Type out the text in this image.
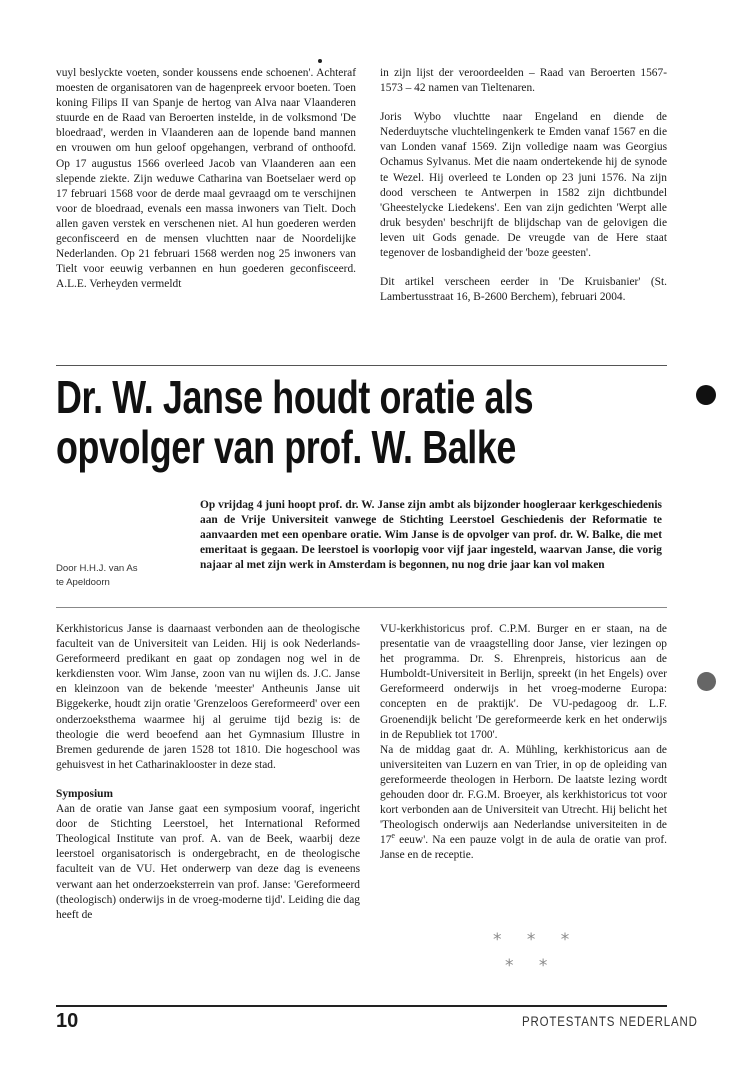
vuyl beslyckte voeten, sonder koussens ende schoenen'. Achteraf moesten de organisatoren van de hagenpreek ervoor boeten. Toen koning Filips II van Spanje de hertog van Alva naar Vlaanderen stuurde en de Raad van Beroerten instelde, in de volksmond 'De bloedraad', werden in Vlaanderen aan de lopende band mannen en vrouwen om hun geloof opgehangen, verbrand of onthoofd. Op 17 augustus 1566 overleed Jacob van Vlaanderen aan een slepende ziekte. Zijn weduwe Catharina van Boetselaer werd op 17 februari 1568 voor de derde maal gevraagd om te verschijnen voor de bloedraad, evenals een massa inwoners van Tielt. Doch allen gaven verstek en verschenen niet. Al hun goederen werden geconfisceerd en de mensen vluchtten naar de Noordelijke Nederlanden. Op 21 februari 1568 werden nog 25 inwoners van Tielt voor eeuwig verbannen en hun goederen geconfisceerd. A.L.E. Verheyden vermeldt

in zijn lijst der veroordeelden – Raad van Beroerten 1567-1573 – 42 namen van Tieltenaren.

Joris Wybo vluchtte naar Engeland en diende de Nederduytsche vluchtelingenkerk te Emden vanaf 1567 en die van Londen vanaf 1569. Zijn volledige naam was Georgius Ochamus Sylvanus. Met die naam ondertekende hij de synode te Wezel. Hij overleed te Londen op 23 juni 1576. Na zijn dood verscheen te Antwerpen in 1582 zijn dichtbundel 'Gheestelycke Liedekens'. Een van zijn gedichten 'Werpt alle druk besyden' beschrijft de blijdschap van de gelovigen die leven uit Gods genade. De vreugde van de Here staat tegenover de losbandigheid der 'boze geesten'.

Dit artikel verscheen eerder in 'De Kruisbanier' (St. Lambertusstraat 16, B-2600 Berchem), februari 2004.

Dr. W. Janse houdt oratie als
opvolger van prof. W. Balke

Op vrijdag 4 juni hoopt prof. dr. W. Janse zijn ambt als bijzonder hoogleraar kerkgeschiedenis aan de Vrije Universiteit vanwege de Stichting Leerstoel Geschiedenis der Reformatie te aanvaarden met een openbare oratie. Wim Janse is de opvolger van prof. dr. W. Balke, die met emeritaat is gegaan. De leerstoel is voorlopig voor vijf jaar ingesteld, waarvan Janse, die vorig najaar al met zijn werk in Amsterdam is begonnen, nu nog drie jaar kan vol maken

Door H.H.J. van As
te Apeldoorn

Kerkhistoricus Janse is daarnaast verbonden aan de theologische faculteit van de Universiteit van Leiden. Hij is ook Nederlands-Gereformeerd predikant en gaat op zondagen nog wel in de kerkdiensten voor. Wim Janse, zoon van nu wijlen ds. J.C. Janse en kleinzoon van de bekende 'meester' Antheunis Janse uit Biggekerke, houdt zijn oratie 'Grenzeloos Gereformeerd' over een onderzoeksthema waarmee hij al geruime tijd bezig is: de theologie die werd beoefend aan het Gymnasium Illustre in Bremen gedurende de jaren 1528 tot 1810. Die hogeschool was gehuisvest in het Catharinaklooster in deze stad.

Symposium

Aan de oratie van Janse gaat een symposium vooraf, ingericht door de Stichting Leerstoel, het International Reformed Theological Institute van prof. A. van de Beek, waarbij deze leerstoel organisatorisch is ondergebracht, en de theologische faculteit van de VU. Het onderwerp van deze dag is eveneens verwant aan het onderzoeksterrein van prof. Janse: 'Gereformeerd (theologisch) onderwijs in de vroeg-moderne tijd'. Leiding die dag heeft de

VU-kerkhistoricus prof. C.P.M. Burger en er staan, na de presentatie van de vraagstelling door Janse, vier lezingen op het programma. Dr. S. Ehrenpreis, historicus aan de Humboldt-Universiteit in Berlijn, spreekt (in het Engels) over Gereformeerd onderwijs in het vroeg-moderne Europa: concepten en de praktijk'. De VU-pedagoog dr. L.F. Groenendijk belicht 'De gereformeerde kerk en het onderwijs in de Republiek tot 1700'.

Na de middag gaat dr. A. Mühling, kerkhistoricus aan de universiteiten van Luzern en van Trier, in op de opleiding van gereformeerde theologen in Herborn. De laatste lezing wordt gehouden door dr. F.G.M. Broeyer, als kerkhistoricus tot voor kort verbonden aan de Universiteit van Utrecht. Hij belicht het 'Theologisch onderwijs aan Nederlandse universiteiten in de 17e eeuw'. Na een pauze volgt in de aula de oratie van prof. Janse en de receptie.

* * *
* *
10	PROTESTANTS NEDERLAND
